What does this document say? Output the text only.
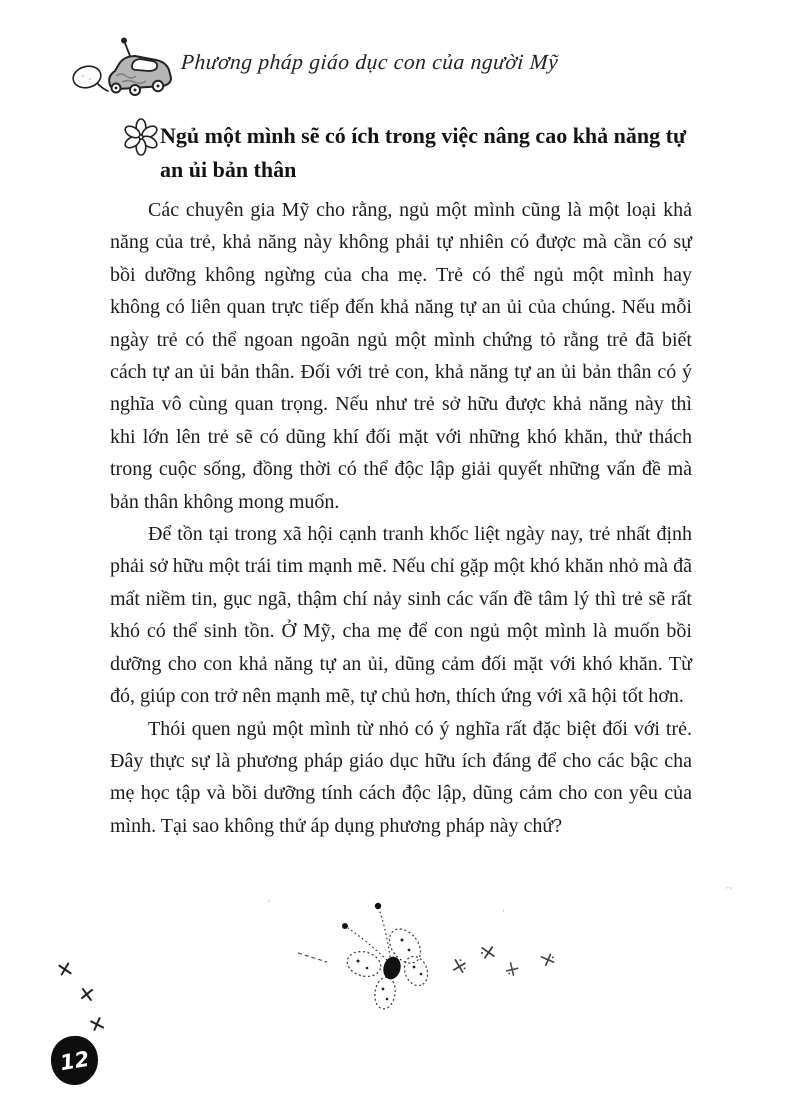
Phương pháp giáo dục con của người Mỹ
Ngủ một mình sẽ có ích trong việc nâng cao khả năng tự an ủi bản thân

Các chuyên gia Mỹ cho rằng, ngủ một mình cũng là một loại khả năng của trẻ, khả năng này không phải tự nhiên có được mà cần có sự bồi dưỡng không ngừng của cha mẹ. Trẻ có thể ngủ một mình hay không có liên quan trực tiếp đến khả năng tự an ủi của chúng. Nếu mỗi ngày trẻ có thể ngoan ngoãn ngủ một mình chứng tỏ rằng trẻ đã biết cách tự an ủi bản thân. Đối với trẻ con, khả năng tự an ủi bản thân có ý nghĩa vô cùng quan trọng. Nếu như trẻ sở hữu được khả năng này thì khi lớn lên trẻ sẽ có dũng khí đối mặt với những khó khăn, thử thách trong cuộc sống, đồng thời có thể độc lập giải quyết những vấn đề mà bản thân không mong muốn.

Để tồn tại trong xã hội cạnh tranh khốc liệt ngày nay, trẻ nhất định phải sở hữu một trái tim mạnh mẽ. Nếu chỉ gặp một khó khăn nhỏ mà đã mất niềm tin, gục ngã, thậm chí nảy sinh các vấn đề tâm lý thì trẻ sẽ rất khó có thể sinh tồn. Ở Mỹ, cha mẹ để con ngủ một mình là muốn bồi dưỡng cho con khả năng tự an ủi, dũng cảm đối mặt với khó khăn. Từ đó, giúp con trở nên mạnh mẽ, tự chủ hơn, thích ứng với xã hội tốt hơn.

Thói quen ngủ một mình từ nhỏ có ý nghĩa rất đặc biệt đối với trẻ. Đây thực sự là phương pháp giáo dục hữu ích đáng để cho các bậc cha mẹ học tập và bồi dưỡng tính cách độc lập, dũng cảm cho con yêu của mình. Tại sao không thử áp dụng phương pháp này chứ?

'
'
~
12
